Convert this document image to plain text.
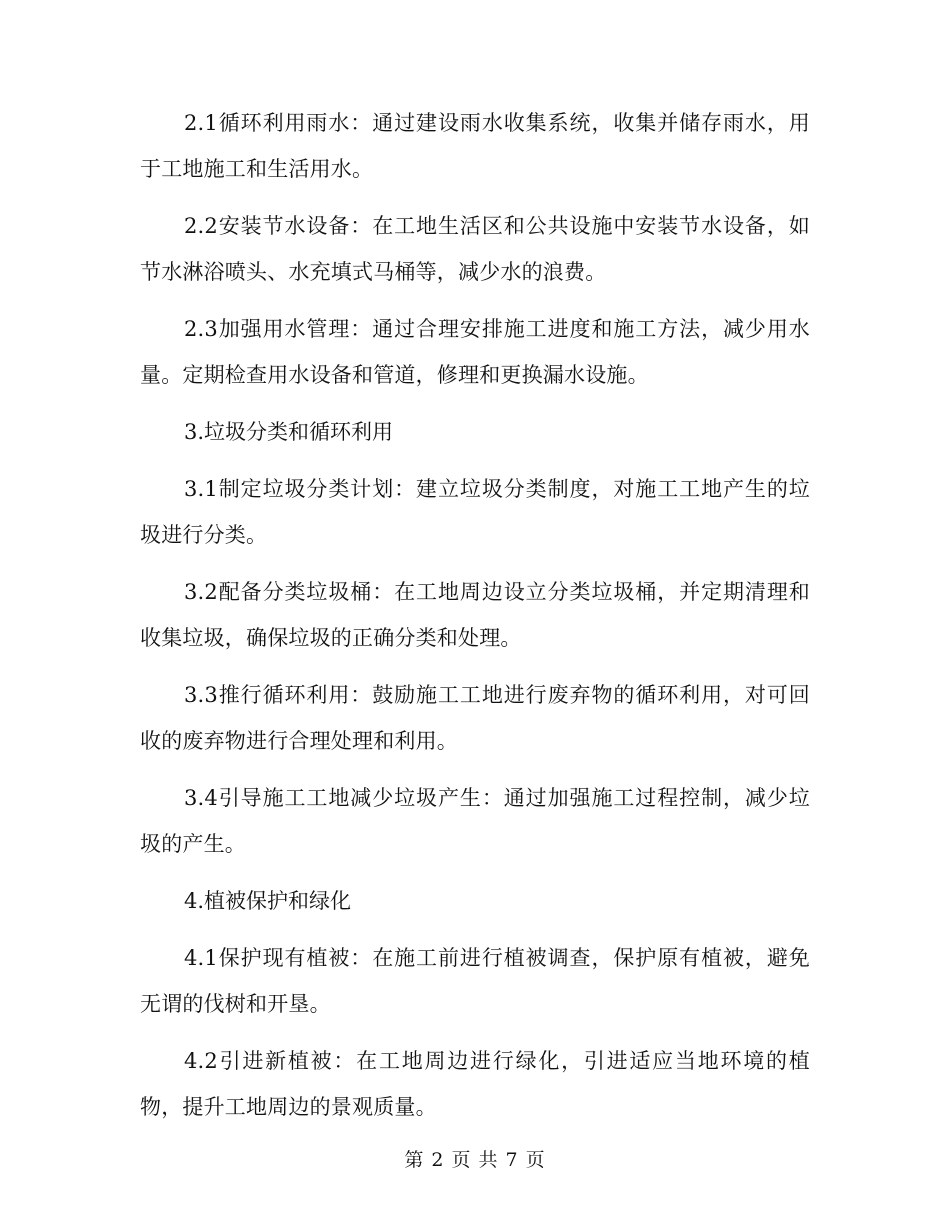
2.1循环利用雨水：通过建设雨水收集系统，收集并储存雨水，用于工地施工和生活用水。

2.2安装节水设备：在工地生活区和公共设施中安装节水设备，如节水淋浴喷头、水充填式马桶等，减少水的浪费。

2.3加强用水管理：通过合理安排施工进度和施工方法，减少用水量。定期检查用水设备和管道，修理和更换漏水设施。

3.垃圾分类和循环利用

3.1制定垃圾分类计划：建立垃圾分类制度，对施工工地产生的垃圾进行分类。

3.2配备分类垃圾桶：在工地周边设立分类垃圾桶，并定期清理和收集垃圾，确保垃圾的正确分类和处理。

3.3推行循环利用：鼓励施工工地进行废弃物的循环利用，对可回收的废弃物进行合理处理和利用。

3.4引导施工工地减少垃圾产生：通过加强施工过程控制，减少垃圾的产生。

4.植被保护和绿化

4.1保护现有植被：在施工前进行植被调查，保护原有植被，避免无谓的伐树和开垦。

4.2引进新植被：在工地周边进行绿化，引进适应当地环境的植物，提升工地周边的景观质量。

第 2 页 共 7 页
